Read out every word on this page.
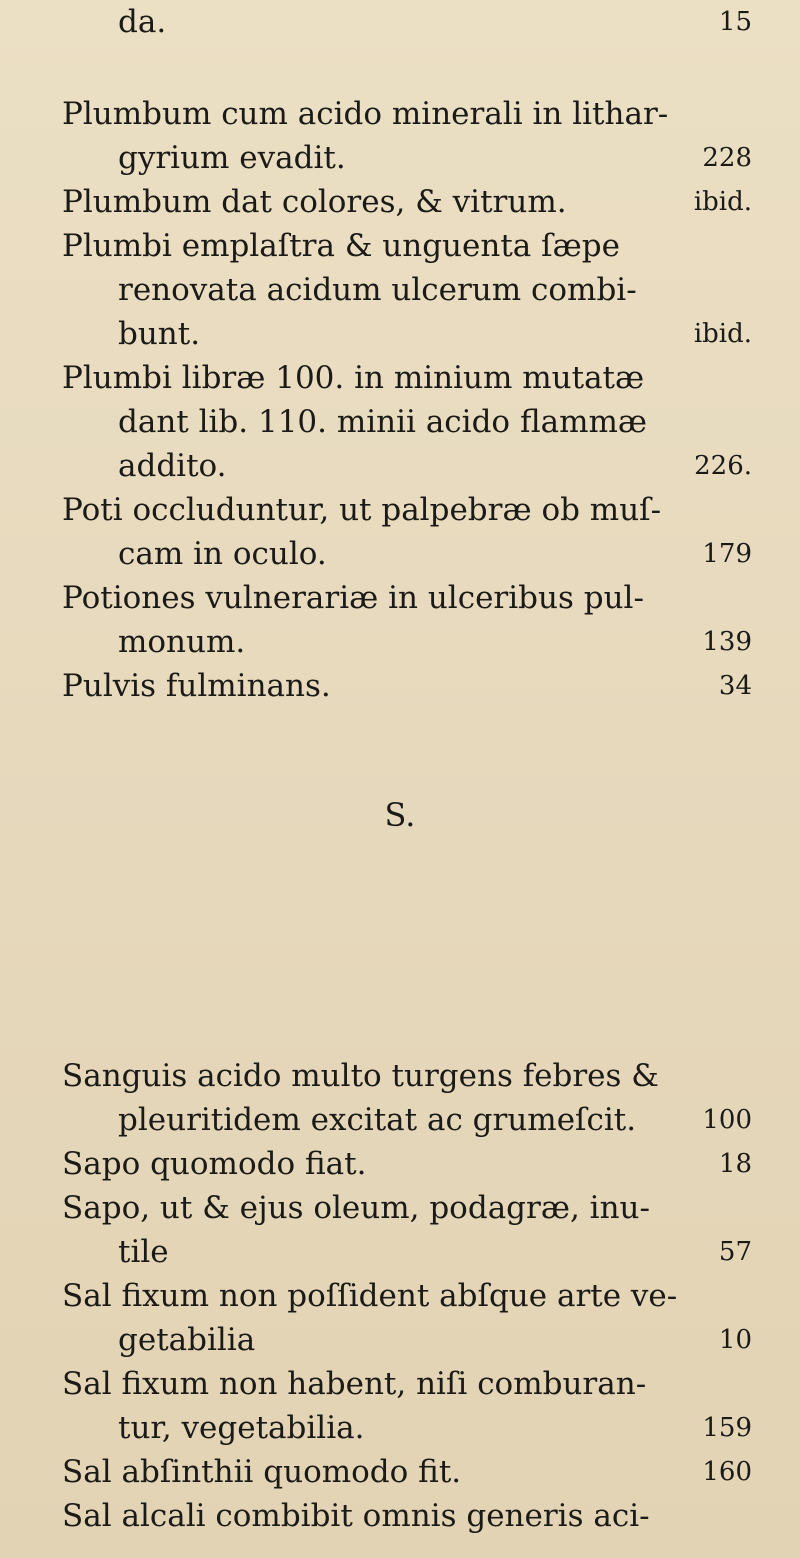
Plumbum cum acido minerali in lithar-
gyrium evadit.	228
Plumbum dat colores, & vitrum.	ibid.
Plumbi emplaſtra & unguenta ſæpe
renovata acidum ulcerum combi-
bunt.	ibid.
Plumbi libræ 100. in minium mutatæ
dant lib. 110. minii acido flammæ
addito.	226.
Poti occluduntur, ut palpebræ ob muſ-
cam in oculo.	179
Potiones vulnerariæ in ulceribus pul-
monum.	139
Pulvis fulminans.	34
Sanguis acido multo turgens febres &
pleuritidem excitat ac grumeſcit.	100
Sapo quomodo fiat.	18
Sapo, ut & ejus oleum, podagræ, inu-
tile	57
Sal fixum non poſſident abſque arte ve-
getabilia	10
Sal fixum non habent, niſi comburan-
tur, vegetabilia.	159
Sal abſinthii quomodo fit.	160
Sal alcali combibit omnis generis aci-
da.	15
S.
